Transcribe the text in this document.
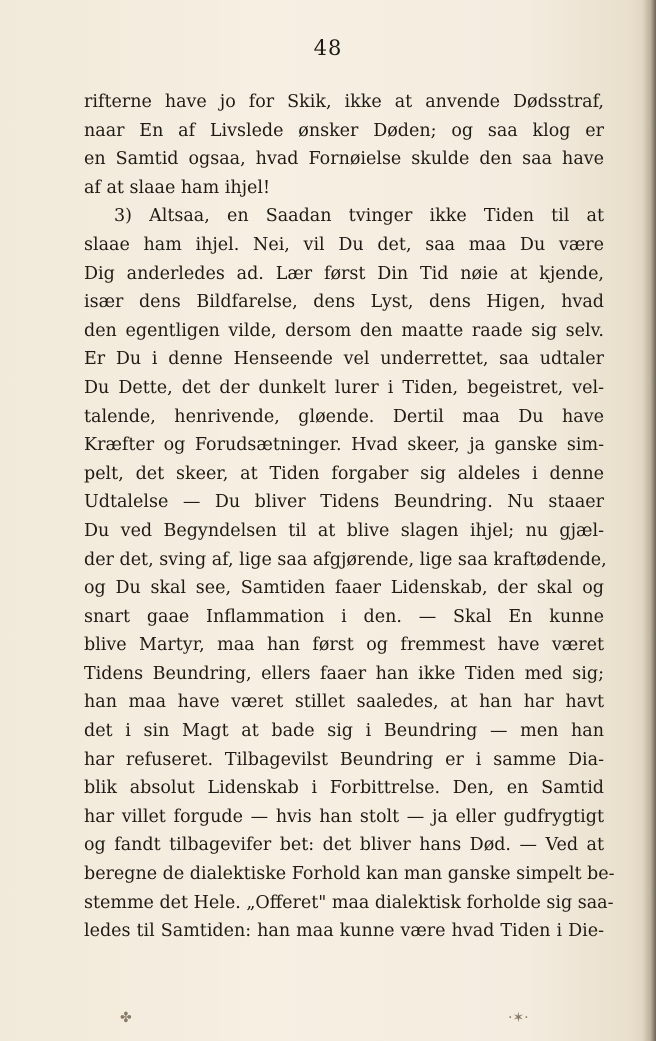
48
rifterne have jo for Skik, ikke at anvende Dødsstraf,
naar En af Livslede ønsker Døden; og saa klog er
en Samtid ogsaa, hvad Fornøielse skulde den saa have
af at slaae ham ihjel!
3) Altsaa, en Saadan tvinger ikke Tiden til at
slaae ham ihjel. Nei, vil Du det, saa maa Du være
Dig anderledes ad. Lær først Din Tid nøie at kjende,
især dens Bildfarelse, dens Lyst, dens Higen, hvad
den egentligen vilde, dersom den maatte raade sig selv.
Er Du i denne Henseende vel underrettet, saa udtaler
Du Dette, det der dunkelt lurer i Tiden, begeistret, vel-
talende, henrivende, gløende. Dertil maa Du have
Kræfter og Forudsætninger. Hvad skeer, ja ganske sim-
pelt, det skeer, at Tiden forgaber sig aldeles i denne
Udtalelse — Du bliver Tidens Beundring. Nu staaer
Du ved Begyndelsen til at blive slagen ihjel; nu gjæl-
der det, sving af, lige saa afgjørende, lige saa kraftødende,
og Du skal see, Samtiden faaer Lidenskab, der skal og
snart gaae Inflammation i den. — Skal En kunne
blive Martyr, maa han først og fremmest have været
Tidens Beundring, ellers faaer han ikke Tiden med sig;
han maa have været stillet saaledes, at han har havt
det i sin Magt at bade sig i Beundring — men han
har refuseret. Tilbagevilst Beundring er i samme Dia-
blik absolut Lidenskab i Forbittrelse. Den, en Samtid
har villet forgude — hvis han stolt — ja eller gudfrygtigt
og fandt tilbagevifer bet: det bliver hans Død. — Ved at
beregne de dialektiske Forhold kan man ganske simpelt be-
stemme det Hele. „Offeret" maa dialektisk forholde sig saa-
ledes til Samtiden: han maa kunne være hvad Tiden i Die-
✤	·✶·
